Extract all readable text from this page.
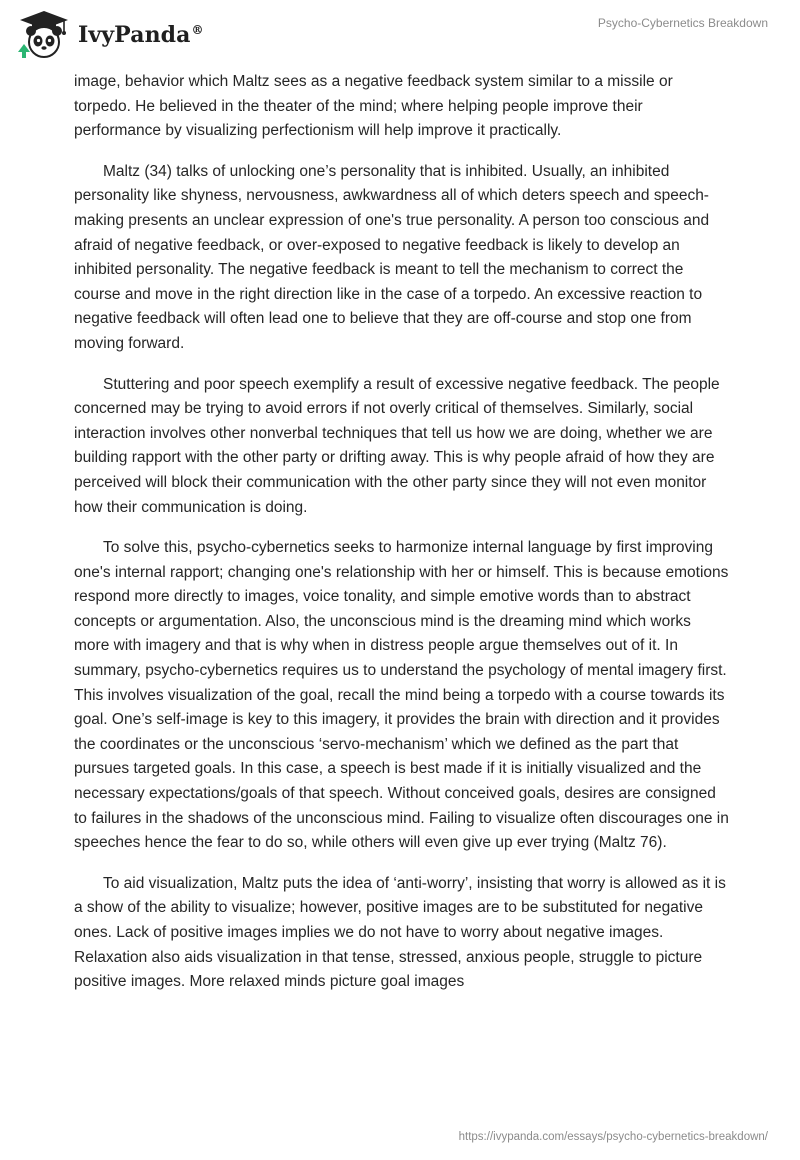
IvyPanda®	Psycho-Cybernetics Breakdown

image, behavior which Maltz sees as a negative feedback system similar to a missile or torpedo. He believed in the theater of the mind; where helping people improve their performance by visualizing perfectionism will help improve it practically.

Maltz (34) talks of unlocking one’s personality that is inhibited. Usually, an inhibited personality like shyness, nervousness, awkwardness all of which deters speech and speech-making presents an unclear expression of one's true personality. A person too conscious and afraid of negative feedback, or over-exposed to negative feedback is likely to develop an inhibited personality. The negative feedback is meant to tell the mechanism to correct the course and move in the right direction like in the case of a torpedo. An excessive reaction to negative feedback will often lead one to believe that they are off-course and stop one from moving forward.

Stuttering and poor speech exemplify a result of excessive negative feedback. The people concerned may be trying to avoid errors if not overly critical of themselves. Similarly, social interaction involves other nonverbal techniques that tell us how we are doing, whether we are building rapport with the other party or drifting away. This is why people afraid of how they are perceived will block their communication with the other party since they will not even monitor how their communication is doing.

To solve this, psycho-cybernetics seeks to harmonize internal language by first improving one's internal rapport; changing one's relationship with her or himself. This is because emotions respond more directly to images, voice tonality, and simple emotive words than to abstract concepts or argumentation. Also, the unconscious mind is the dreaming mind which works more with imagery and that is why when in distress people argue themselves out of it. In summary, psycho-cybernetics requires us to understand the psychology of mental imagery first. This involves visualization of the goal, recall the mind being a torpedo with a course towards its goal. One’s self-image is key to this imagery, it provides the brain with direction and it provides the coordinates or the unconscious ‘servo-mechanism’ which we defined as the part that pursues targeted goals. In this case, a speech is best made if it is initially visualized and the necessary expectations/goals of that speech. Without conceived goals, desires are consigned to failures in the shadows of the unconscious mind. Failing to visualize often discourages one in speeches hence the fear to do so, while others will even give up ever trying (Maltz 76).

To aid visualization, Maltz puts the idea of ‘anti-worry’, insisting that worry is allowed as it is a show of the ability to visualize; however, positive images are to be substituted for negative ones. Lack of positive images implies we do not have to worry about negative images. Relaxation also aids visualization in that tense, stressed, anxious people, struggle to picture positive images. More relaxed minds picture goal images

https://ivypanda.com/essays/psycho-cybernetics-breakdown/
